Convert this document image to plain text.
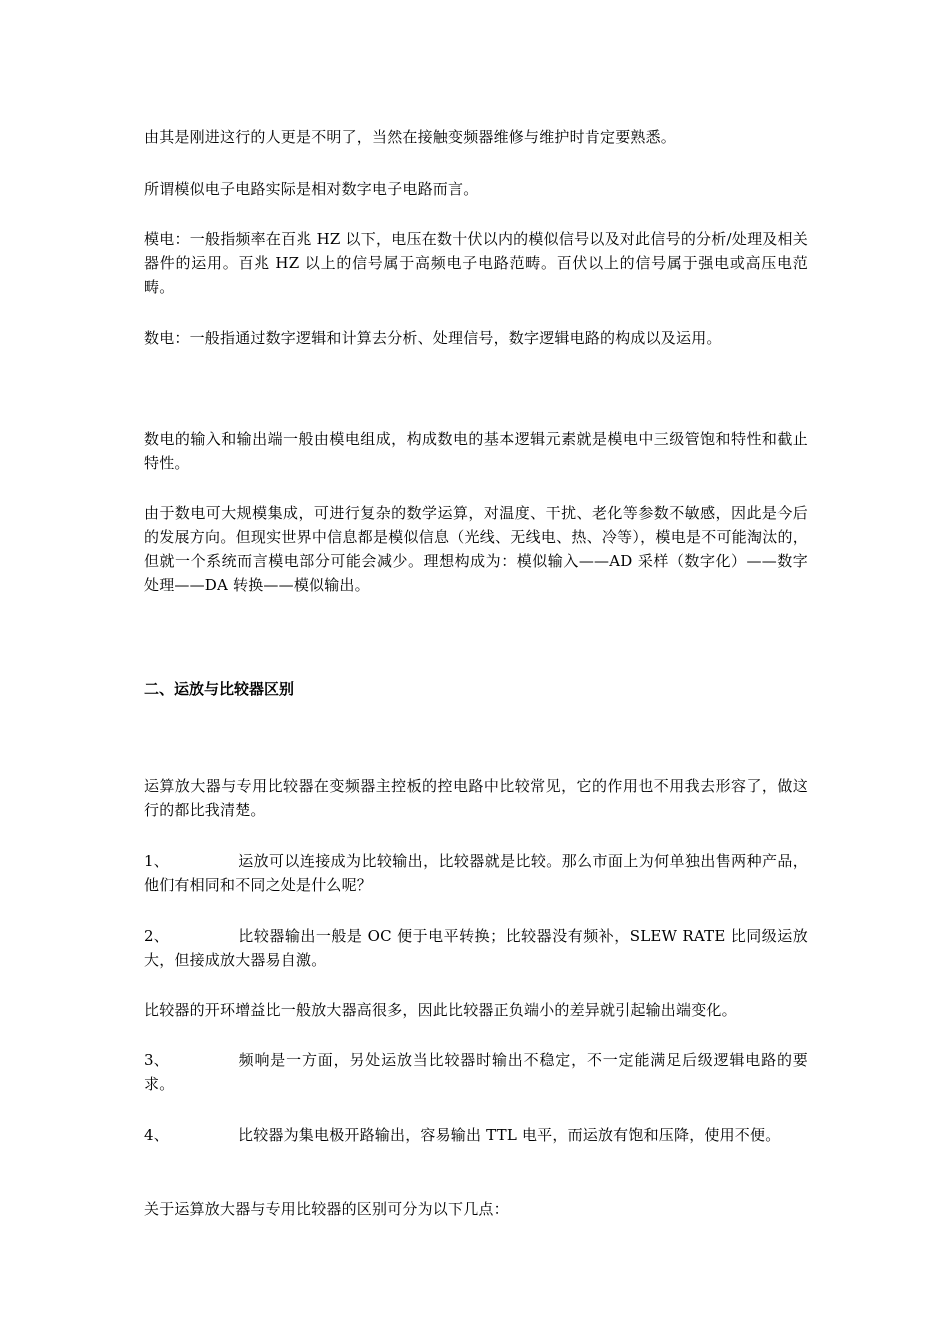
由其是刚进这行的人更是不明了，当然在接触变频器维修与维护时肯定要熟悉。

所谓模似电子电路实际是相对数字电子电路而言。

模电：一般指频率在百兆 HZ 以下，电压在数十伏以内的模似信号以及对此信号的分析/处理及相关器件的运用。百兆 HZ 以上的信号属于高频电子电路范畴。百伏以上的信号属于强电或高压电范畴。

数电：一般指通过数字逻辑和计算去分析、处理信号，数字逻辑电路的构成以及运用。

数电的输入和输出端一般由模电组成，构成数电的基本逻辑元素就是模电中三级管饱和特性和截止特性。

由于数电可大规模集成，可进行复杂的数学运算，对温度、干扰、老化等参数不敏感，因此是今后的发展方向。但现实世界中信息都是模似信息（光线、无线电、热、冷等），模电是不可能淘汰的，但就一个系统而言模电部分可能会减少。理想构成为：模似输入——AD 采样（数字化）——数字处理——DA 转换——模似输出。

二、运放与比较器区别

运算放大器与专用比较器在变频器主控板的控电路中比较常见，它的作用也不用我去形容了，做这行的都比我清楚。

1、	运放可以连接成为比较输出，比较器就是比较。那么市面上为何单独出售两种产品，他们有相同和不同之处是什么呢？

2、	比较器输出一般是 OC 便于电平转换；比较器没有频补，SLEW RATE 比同级运放大，但接成放大器易自激。

比较器的开环增益比一般放大器高很多，因此比较器正负端小的差异就引起输出端变化。

3、	频响是一方面，另处运放当比较器时输出不稳定，不一定能满足后级逻辑电路的要求。

4、	比较器为集电极开路输出，容易输出 TTL 电平，而运放有饱和压降，使用不便。

关于运算放大器与专用比较器的区别可分为以下几点：
